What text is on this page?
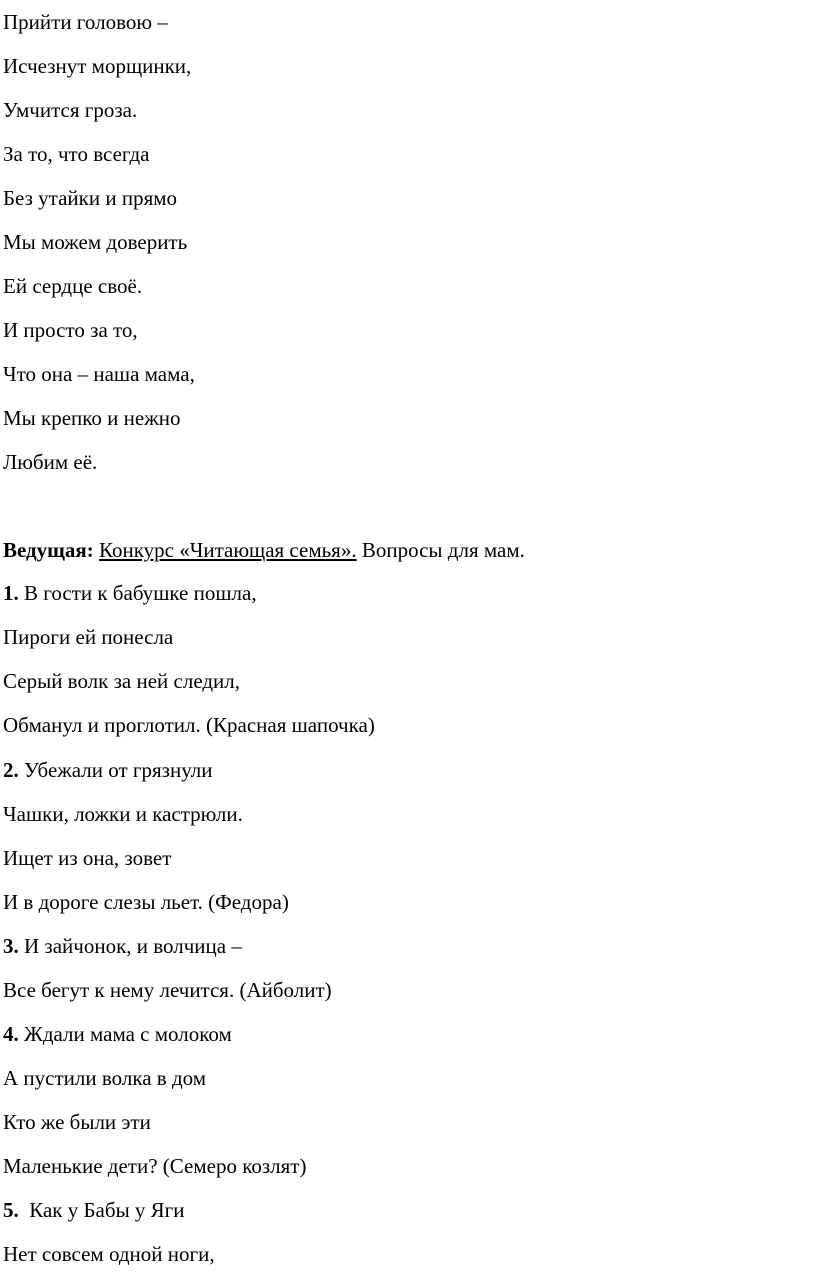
Прийти головою –
Исчезнут морщинки,
Умчится гроза.
За то, что всегда
Без утайки и прямо
Мы можем доверить
Ей сердце своё.
И просто за то,
Что она – наша мама,
Мы крепко и нежно
Любим её.
Ведущая: Конкурс «Читающая семья». Вопросы для мам.
1. В гости к бабушке пошла,
Пироги ей понесла
Серый волк за ней следил,
Обманул и проглотил. (Красная шапочка)
2. Убежали от грязнули
Чашки, ложки и кастрюли.
Ищет из она, зовет
И в дороге слезы льет. (Федора)
3. И зайчонок, и волчица –
Все бегут к нему лечится. (Айболит)
4. Ждали мама с молоком
А пустили волка в дом
Кто же были эти
Маленькие дети? (Семеро козлят)
5.  Как у Бабы у Яги
Нет совсем одной ноги,
